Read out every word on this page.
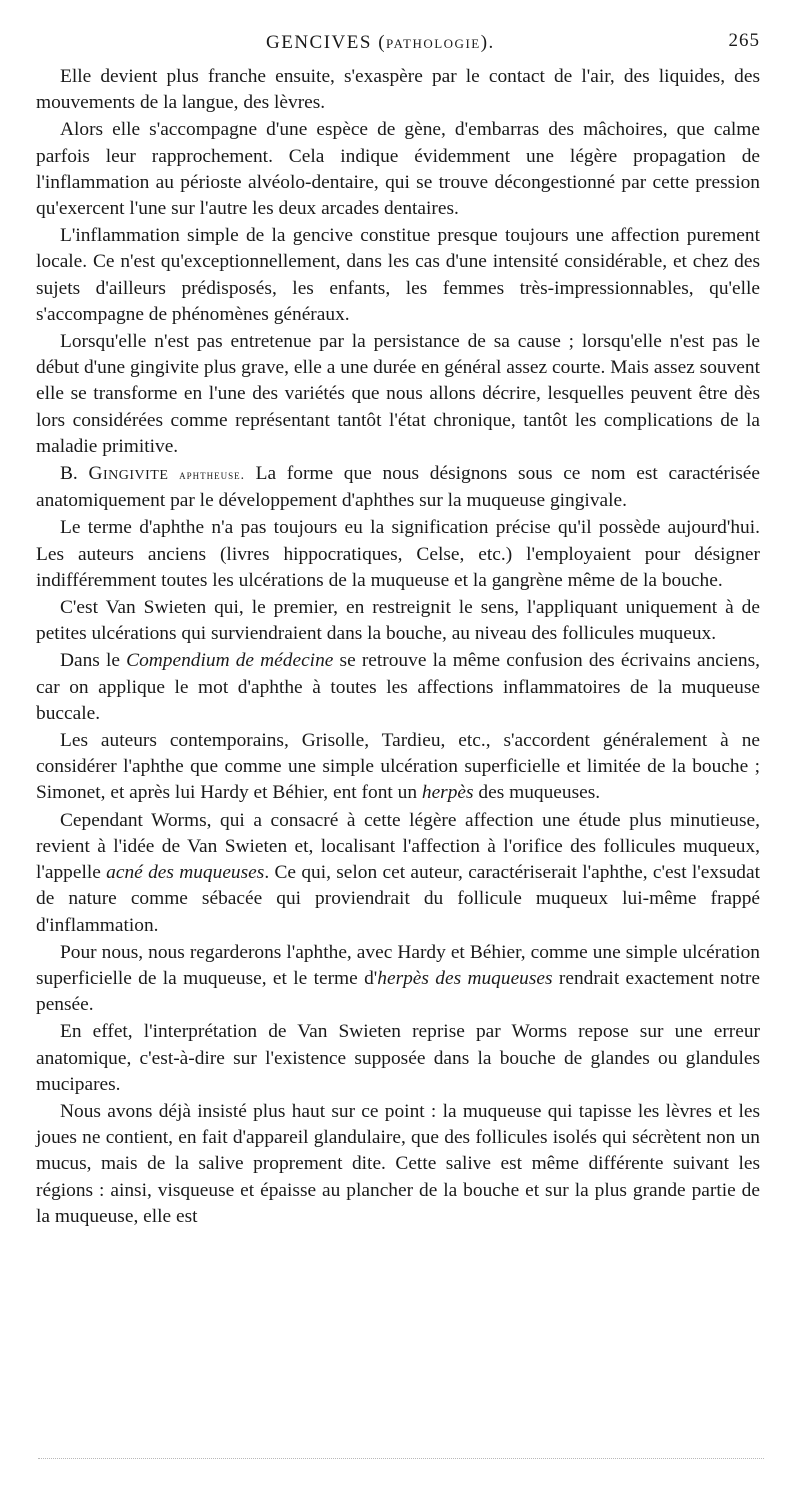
GENCIVES (PATHOLOGIE).	265

Elle devient plus franche ensuite, s'exaspère par le contact de l'air, des liquides, des mouvements de la langue, des lèvres.

Alors elle s'accompagne d'une espèce de gène, d'embarras des mâchoires, que calme parfois leur rapprochement. Cela indique évidemment une légère propagation de l'inflammation au périoste alvéolo-dentaire, qui se trouve décongestionné par cette pression qu'exercent l'une sur l'autre les deux arcades dentaires.

L'inflammation simple de la gencive constitue presque toujours une affection purement locale. Ce n'est qu'exceptionnellement, dans les cas d'une intensité considérable, et chez des sujets d'ailleurs prédisposés, les enfants, les femmes très-impressionnables, qu'elle s'accompagne de phénomènes généraux.

Lorsqu'elle n'est pas entretenue par la persistance de sa cause ; lorsqu'elle n'est pas le début d'une gingivite plus grave, elle a une durée en général assez courte. Mais assez souvent elle se transforme en l'une des variétés que nous allons décrire, lesquelles peuvent être dès lors considérées comme représentant tantôt l'état chronique, tantôt les complications de la maladie primitive.

B. Gingivite aphtheuse. La forme que nous désignons sous ce nom est caractérisée anatomiquement par le développement d'aphthes sur la muqueuse gingivale.

Le terme d'aphthe n'a pas toujours eu la signification précise qu'il possède aujourd'hui. Les auteurs anciens (livres hippocratiques, Celse, etc.) l'employaient pour désigner indifféremment toutes les ulcérations de la muqueuse et la gangrène même de la bouche.

C'est Van Swieten qui, le premier, en restreignit le sens, l'appliquant uniquement à de petites ulcérations qui surviendraient dans la bouche, au niveau des follicules muqueux.

Dans le Compendium de médecine se retrouve la même confusion des écrivains anciens, car on applique le mot d'aphthe à toutes les affections inflammatoires de la muqueuse buccale.

Les auteurs contemporains, Grisolle, Tardieu, etc., s'accordent généralement à ne considérer l'aphthe que comme une simple ulcération superficielle et limitée de la bouche ; Simonet, et après lui Hardy et Béhier, ent font un herpès des muqueuses.

Cependant Worms, qui a consacré à cette légère affection une étude plus minutieuse, revient à l'idée de Van Swieten et, localisant l'affection à l'orifice des follicules muqueux, l'appelle acné des muqueuses. Ce qui, selon cet auteur, caractériserait l'aphthe, c'est l'exsudat de nature comme sébacée qui proviendrait du follicule muqueux lui-même frappé d'inflammation.

Pour nous, nous regarderons l'aphthe, avec Hardy et Béhier, comme une simple ulcération superficielle de la muqueuse, et le terme d'herpès des muqueuses rendrait exactement notre pensée.

En effet, l'interprétation de Van Swieten reprise par Worms repose sur une erreur anatomique, c'est-à-dire sur l'existence supposée dans la bouche de glandes ou glandules mucipares.

Nous avons déjà insisté plus haut sur ce point : la muqueuse qui tapisse les lèvres et les joues ne contient, en fait d'appareil glandulaire, que des follicules isolés qui sécrètent non un mucus, mais de la salive proprement dite. Cette salive est même différente suivant les régions : ainsi, visqueuse et épaisse au plancher de la bouche et sur la plus grande partie de la muqueuse, elle est
